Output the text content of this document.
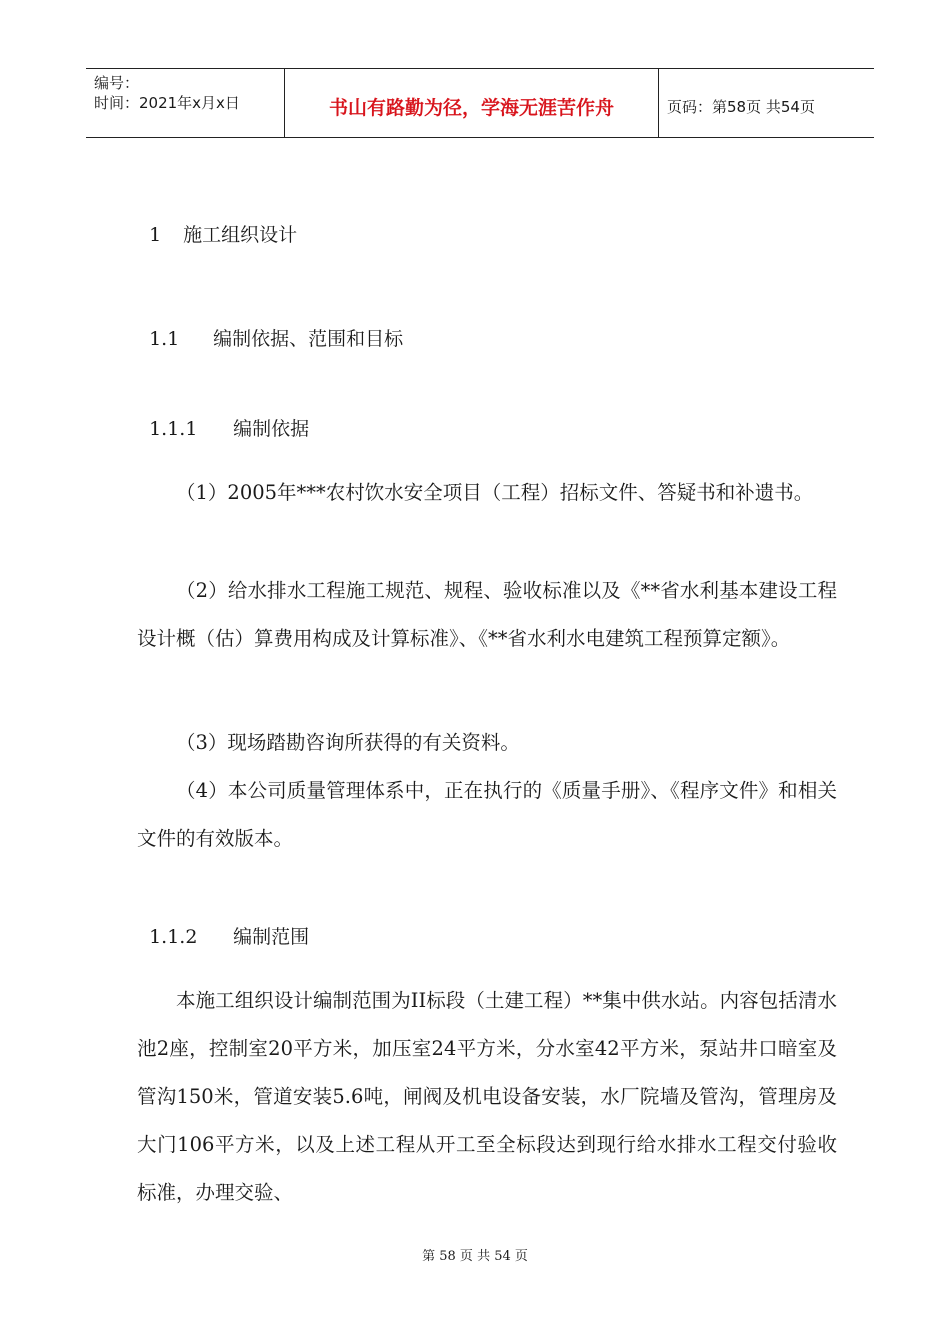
编号：
时间：2021年x月x日	书山有路勤为径，学海无涯苦作舟	页码：第58页 共54页

1 施工组织设计

1.1 编制依据、范围和目标

1.1.1 编制依据

（1）2005年***农村饮水安全项目（工程）招标文件、答疑书和补遗书。
（2）给水排水工程施工规范、规程、验收标准以及《**省水利基本建设工程设计概（估）算费用构成及计算标准》、《**省水利水电建筑工程预算定额》。
（3）现场踏勘咨询所获得的有关资料。
（4）本公司质量管理体系中，正在执行的《质量手册》、《程序文件》和相关文件的有效版本。

1.1.2 编制范围

本施工组织设计编制范围为II标段（土建工程）**集中供水站。内容包括清水池2座，控制室20平方米，加压室24平方米，分水室42平方米，泵站井口暗室及管沟150米，管道安装5.6吨，闸阀及机电设备安装，水厂院墙及管沟，管理房及大门106平方米，以及上述工程从开工至全标段达到现行给水排水工程交付验收标准，办理交验、
第 58 页 共 54 页
